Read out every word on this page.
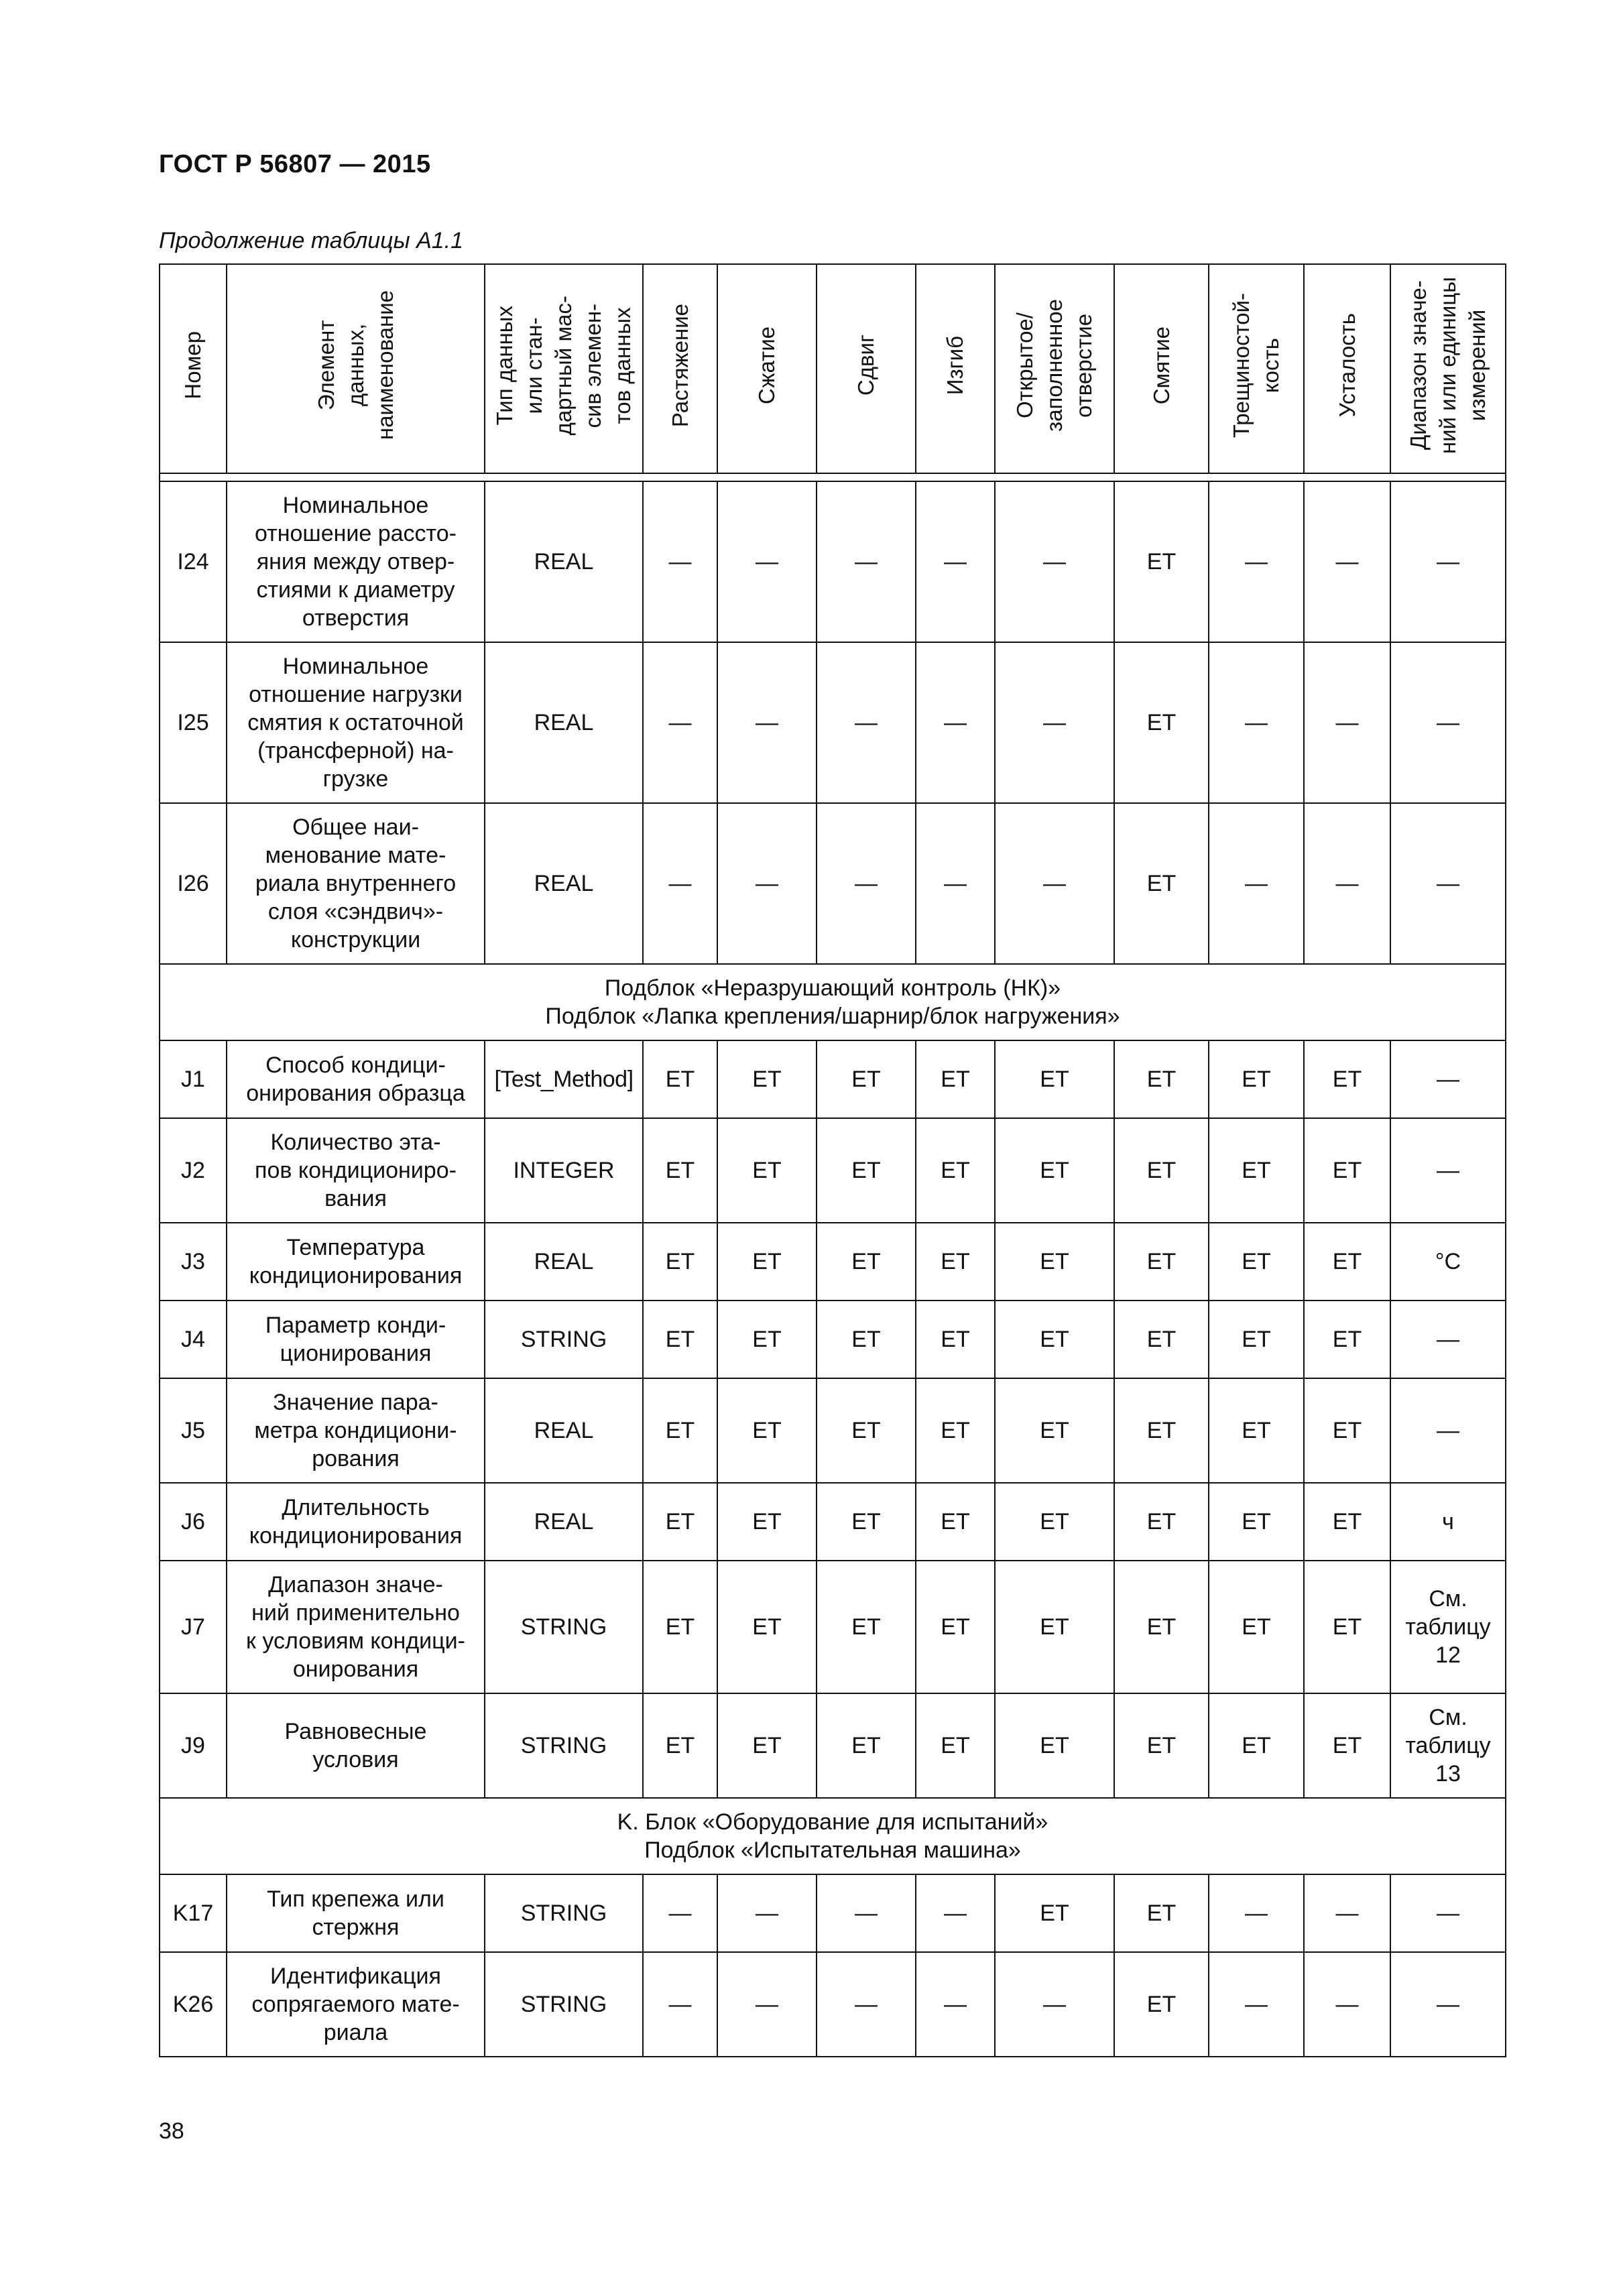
ГОСТ Р 56807 — 2015
Продолжение таблицы А1.1
Номер	Элемент
данных,
наименование	Тип данных
или стан-
дартный мас-
сив элемен-
тов данных	Растяжение	Сжатие	Сдвиг	Изгиб	Открытое/
заполненное
отверстие	Смятие	Трещиностой-
кость	Усталость	Диапазон значе-
ний или единицы
измерений

I24	Номинальное
отношение рассто-
яния между отвер-
стиями к диаметру
отверстия	REAL	—	—	—	—	—	ET	—	—	—
I25	Номинальное
отношение нагрузки
смятия к остаточной
(трансферной) на-
грузке	REAL	—	—	—	—	—	ET	—	—	—
I26	Общее наи-
менование мате-
риала внутреннего
слоя «сэндвич»-
конструкции	REAL	—	—	—	—	—	ET	—	—	—
Подблок «Неразрушающий контроль (НК)»
Подблок «Лапка крепления/шарнир/блок нагружения»											
J1	Способ кондици-
онирования образца	[Test_Method]	ET	ET	ET	ET	ET	ET	ET	ET	—
J2	Количество эта-
пов кондициониро-
вания	INTEGER	ET	ET	ET	ET	ET	ET	ET	ET	—
J3	Температура
кондиционирования	REAL	ET	ET	ET	ET	ET	ET	ET	ET	°C
J4	Параметр конди-
ционирования	STRING	ET	ET	ET	ET	ET	ET	ET	ET	—
J5	Значение пара-
метра кондициони-
рования	REAL	ET	ET	ET	ET	ET	ET	ET	ET	—
J6	Длительность
кондиционирования	REAL	ET	ET	ET	ET	ET	ET	ET	ET	ч
J7	Диапазон значе-
ний применительно
к условиям кондици-
онирования	STRING	ET	ET	ET	ET	ET	ET	ET	ET	См.
таблицу
12
J9	Равновесные
условия	STRING	ET	ET	ET	ET	ET	ET	ET	ET	См.
таблицу
13
K. Блок «Оборудование для испытаний»
Подблок «Испытательная машина»											
K17	Тип крепежа или
стержня	STRING	—	—	—	—	ET	ET	—	—	—
K26	Идентификация
сопрягаемого мате-
риала	STRING	—	—	—	—	—	ET	—	—	—
38
